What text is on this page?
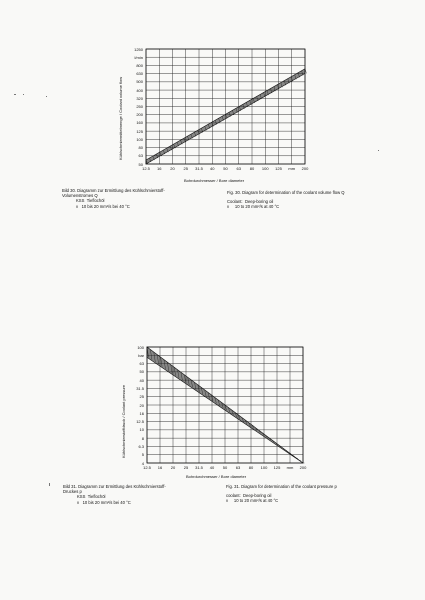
Kühlschmiermittelmenge / Coolant volume flow
1250
l/min
800
630
500
400
320
250
200
160
125
100
80
63
50
12.5	16	20	25	31.5	40	50	63	80	100	125	mm	200
Bohrdurchmesser / Bore diameter
Bild 30. Diagramm zur Ermittlung des Kühlschmierstoff-
Volumenstromes Q
KSS Tieflochöl
ν 10 bis 20 mm²/s bei 40 °C
Fig. 30. Diagram for determination of the coolant volume flow Q
Coolant: Deep-boring oil
ν 10 to 20 mm²/s at 40 °C
Kühlschmierstoffdruck / Coolant pressure
100
bar
63
50
40
31.5
25
20
16
12.5
10
8
6.3
5
4
12.5	16	20	25	31.5	40	50	63	80	100	125	mm	200
Bohrdurchmesser / Bore diameter
Bild 31. Diagramm zur Ermittlung des Kühlschmierstoff-
Druckes p
KSS Tieflochöl
ν 10 bis 20 mm²/s bei 40 °C
Fig. 31. Diagram for determination of the coolant pressure p
coolant: Deep-boring oil
ν 10 to 20 mm²/s at 40 °C
